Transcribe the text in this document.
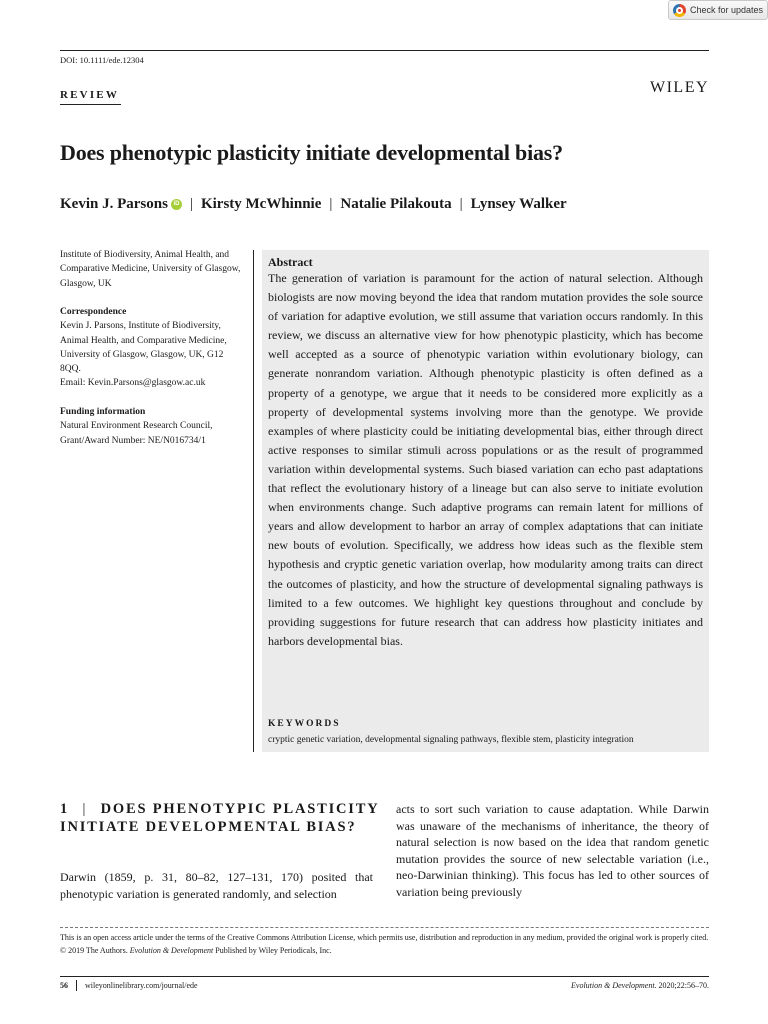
Check for updates
DOI: 10.1111/ede.12304
REVIEW	WILEY
Does phenotypic plasticity initiate developmental bias?
Kevin J. Parsons iD | Kirsty McWhinnie | Natalie Pilakouta | Lynsey Walker
Institute of Biodiversity, Animal Health, and Comparative Medicine, University of Glasgow, Glasgow, UK
Correspondence
Kevin J. Parsons, Institute of Biodiversity, Animal Health, and Comparative Medicine, University of Glasgow, Glasgow, UK, G12 8QQ.
Email: Kevin.Parsons@glasgow.ac.uk
Funding information
Natural Environment Research Council, Grant/Award Number: NE/N016734/1
Abstract

The generation of variation is paramount for the action of natural selection. Although biologists are now moving beyond the idea that random mutation provides the sole source of variation for adaptive evolution, we still assume that variation occurs randomly. In this review, we discuss an alternative view for how phenotypic plasticity, which has become well accepted as a source of phenotypic variation within evolutionary biology, can generate nonrandom variation. Although phenotypic plasticity is often defined as a property of a genotype, we argue that it needs to be considered more explicitly as a property of developmental systems involving more than the genotype. We provide examples of where plasticity could be initiating developmental bias, either through direct active responses to similar stimuli across populations or as the result of programmed variation within developmental systems. Such biased variation can echo past adaptations that reflect the evolutionary history of a lineage but can also serve to initiate evolution when environments change. Such adaptive programs can remain latent for millions of years and allow development to harbor an array of complex adaptations that can initiate new bouts of evolution. Specifically, we address how ideas such as the flexible stem hypothesis and cryptic genetic variation overlap, how modularity among traits can direct the outcomes of plasticity, and how the structure of developmental signaling pathways is limited to a few outcomes. We highlight key questions throughout and conclude by providing suggestions for future research that can address how plasticity initiates and harbors developmental bias.

KEYWORDS
cryptic genetic variation, developmental signaling pathways, flexible stem, plasticity integration
1 | DOES PHENOTYPIC PLASTICITY INITIATE DEVELOPMENTAL BIAS?

Darwin (1859, p. 31, 80–82, 127–131, 170) posited that phenotypic variation is generated randomly, and selection

acts to sort such variation to cause adaptation. While Darwin was unaware of the mechanisms of inheritance, the theory of natural selection is now based on the idea that random genetic mutation provides the source of new selectable variation (i.e., neo-Darwinian thinking). This focus has led to other sources of variation being previously

This is an open access article under the terms of the Creative Commons Attribution License, which permits use, distribution and reproduction in any medium, provided the original work is properly cited.
© 2019 The Authors. Evolution & Development Published by Wiley Periodicals, Inc.
56 wileyonlinelibrary.com/journal/ede	Evolution & Development. 2020;22:56–70.
